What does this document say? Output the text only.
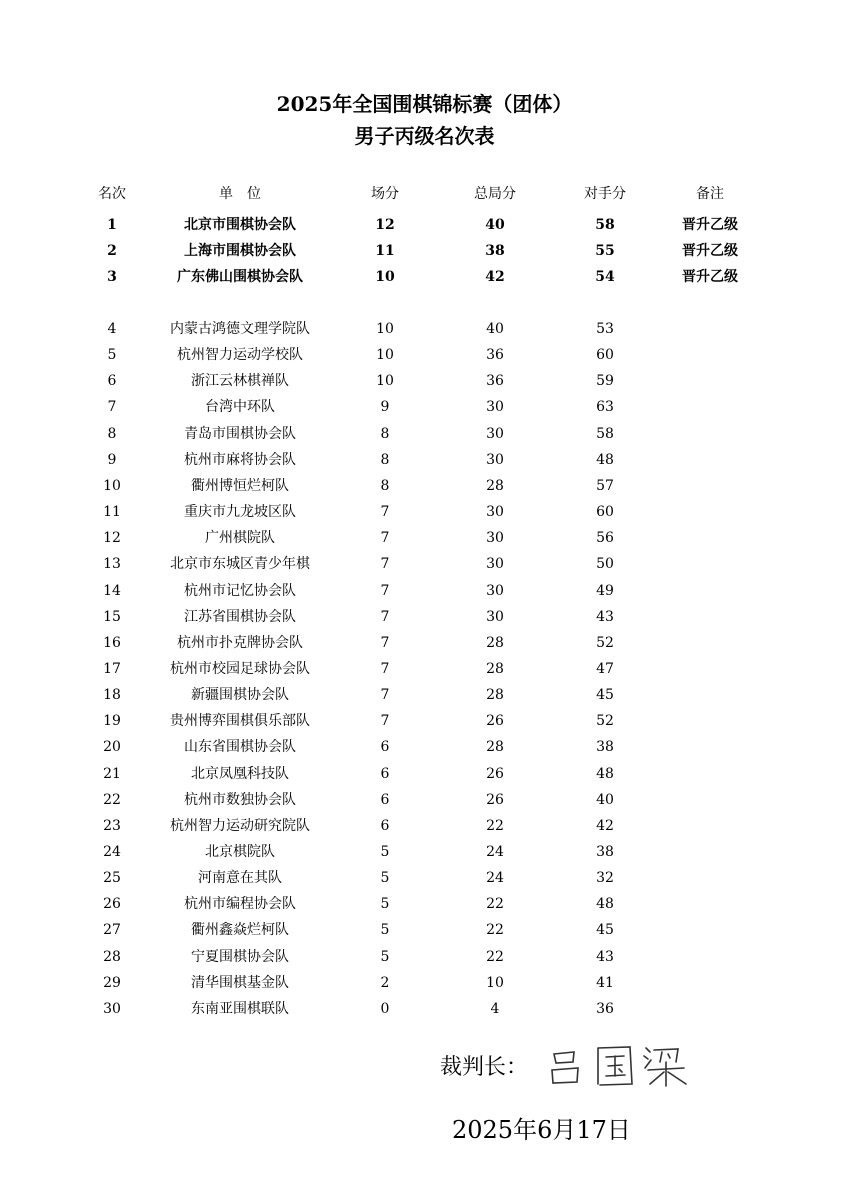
2025年全国围棋锦标赛（团体）
男子丙级名次表
名次	单　位	场分	总局分	对手分	备注
1	北京市围棋协会队	12	40	58	晋升乙级
2	上海市围棋协会队	11	38	55	晋升乙级
3	广东佛山围棋协会队	10	42	54	晋升乙级
4	内蒙古鸿德文理学院队	10	40	53
5	杭州智力运动学校队	10	36	60
6	浙江云林棋禅队	10	36	59
7	台湾中环队	9	30	63
8	青岛市围棋协会队	8	30	58
9	杭州市麻将协会队	8	30	48
10	衢州博恒烂柯队	8	28	57
11	重庆市九龙坡区队	7	30	60
12	广州棋院队	7	30	56
13	北京市东城区青少年棋	7	30	50
14	杭州市记忆协会队	7	30	49
15	江苏省围棋协会队	7	30	43
16	杭州市扑克牌协会队	7	28	52
17	杭州市校园足球协会队	7	28	47
18	新疆围棋协会队	7	28	45
19	贵州博弈围棋俱乐部队	7	26	52
20	山东省围棋协会队	6	28	38
21	北京凤凰科技队	6	26	48
22	杭州市数独协会队	6	26	40
23	杭州智力运动研究院队	6	22	42
24	北京棋院队	5	24	38
25	河南意在其队	5	24	32
26	杭州市编程协会队	5	22	48
27	衢州鑫焱烂柯队	5	22	45
28	宁夏围棋协会队	5	22	43
29	清华围棋基金队	2	10	41
30	东南亚围棋联队	0	4	36
裁判长：
2025年6月17日
